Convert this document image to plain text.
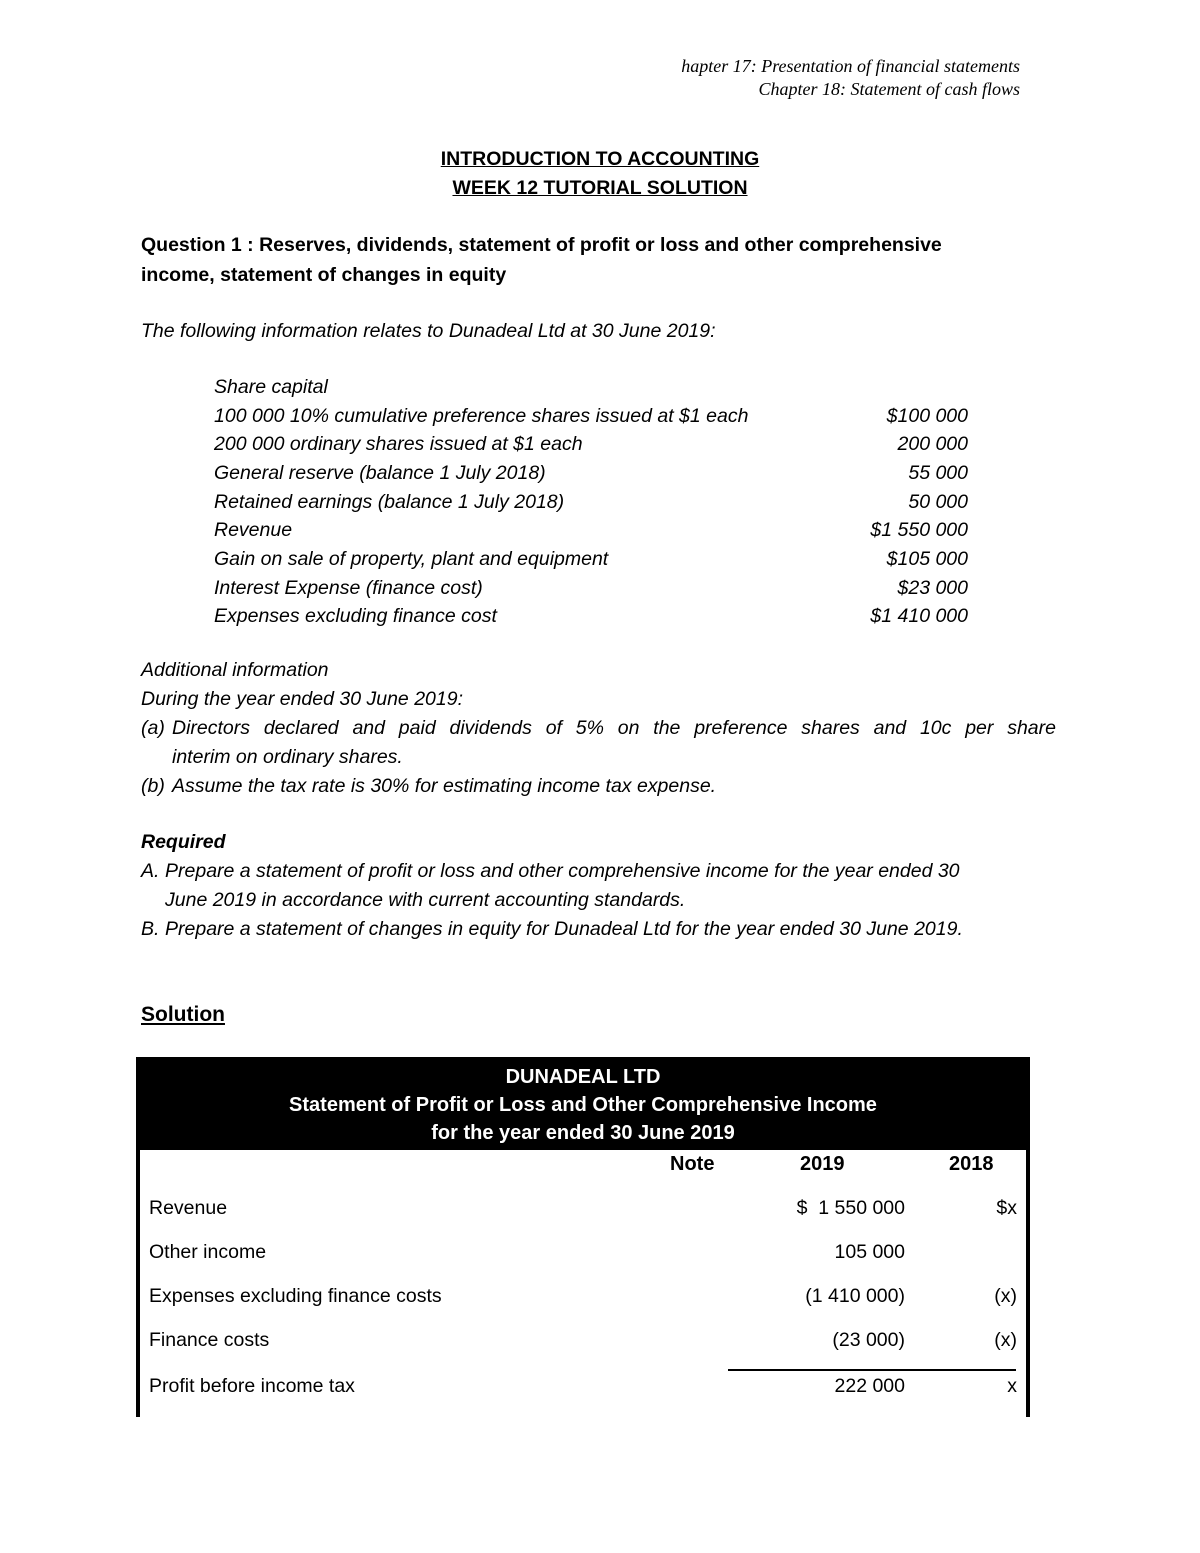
hapter 17: Presentation of financial statements
Chapter 18: Statement of cash flows
INTRODUCTION TO ACCOUNTING
WEEK 12 TUTORIAL SOLUTION
Question 1 : Reserves, dividends, statement of profit or loss and other comprehensive
income, statement of changes in equity
The following information relates to Dunadeal Ltd at 30 June 2019:
Share capital
100 000 10% cumulative preference shares issued at $1 each	$100 000
200 000 ordinary shares issued at $1 each	200 000
General reserve (balance 1 July 2018)	55 000
Retained earnings (balance 1 July 2018)	50 000
Revenue	$1 550 000
Gain on sale of property, plant and equipment	$105 000
Interest Expense (finance cost)	$23 000
Expenses excluding finance cost	$1 410 000
Additional information
During the year ended 30 June 2019:
(a) Directors declared and paid dividends of 5% on the preference shares and 10c per share
interim on ordinary shares.
(b) Assume the tax rate is 30% for estimating income tax expense.
Required
A. Prepare a statement of profit or loss and other comprehensive income for the year ended 30
June 2019 in accordance with current accounting standards.
B. Prepare a statement of changes in equity for Dunadeal Ltd for the year ended 30 June 2019.
Solution
DUNADEAL LTD
Statement of Profit or Loss and Other Comprehensive Income
for the year ended 30 June 2019
Note	2019	2018
Revenue	$  1 550 000	$x
Other income	105 000
Expenses excluding finance costs	(1 410 000)	(x)
Finance costs	(23 000)	(x)
Profit before income tax	222 000	x
